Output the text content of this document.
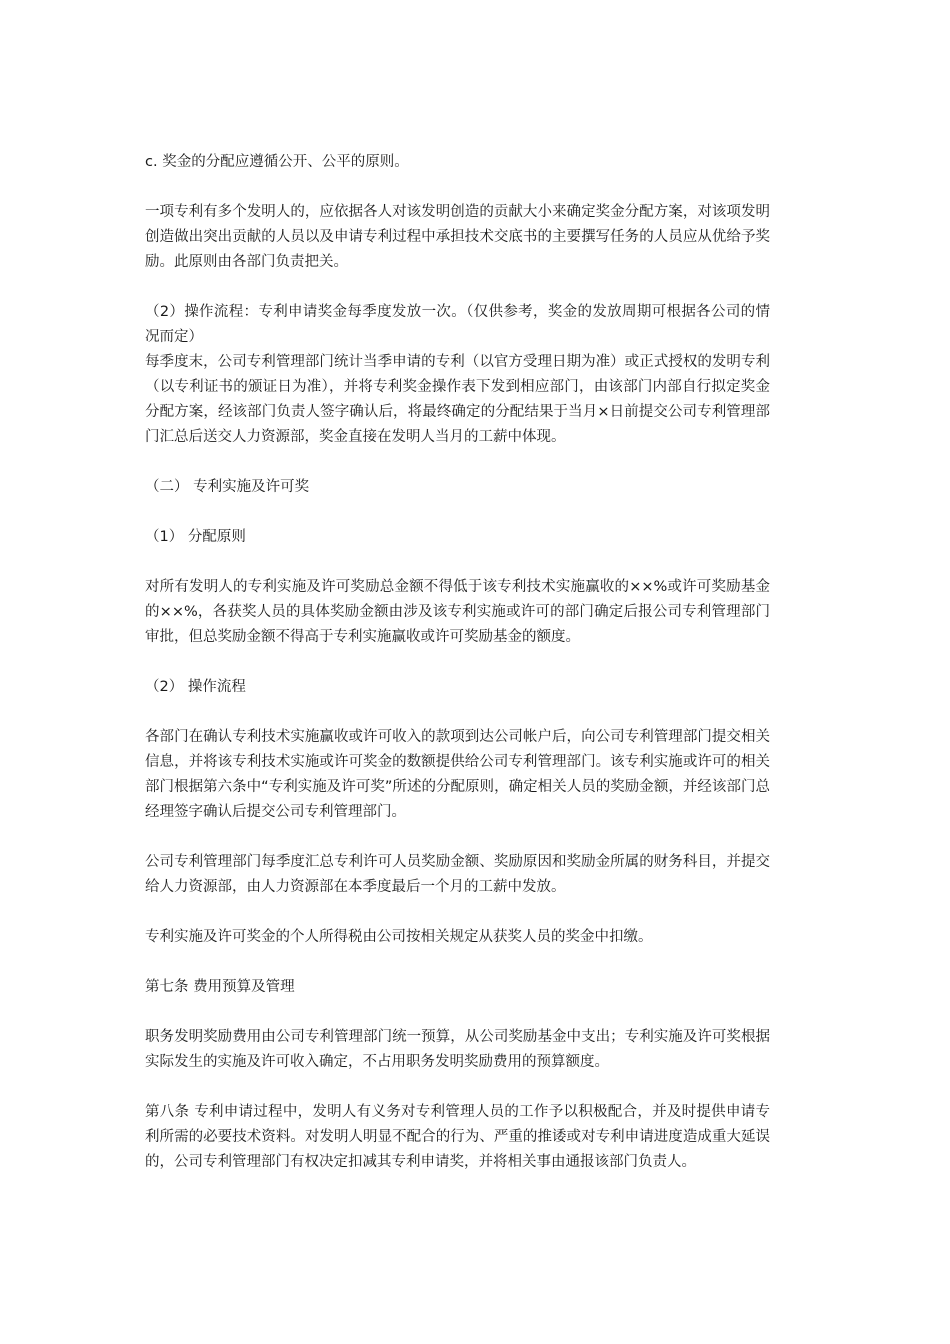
c. 奖金的分配应遵循公开、公平的原则。

一项专利有多个发明人的，应依据各人对该发明创造的贡献大小来确定奖金分配方案，对该项发明创造做出突出贡献的人员以及申请专利过程中承担技术交底书的主要撰写任务的人员应从优给予奖励。此原则由各部门负责把关。

（2）操作流程：专利申请奖金每季度发放一次。（仅供参考，奖金的发放周期可根据各公司的情况而定）

每季度末，公司专利管理部门统计当季申请的专利（以官方受理日期为准）或正式授权的发明专利（以专利证书的颁证日为准），并将专利奖金操作表下发到相应部门，由该部门内部自行拟定奖金分配方案，经该部门负责人签字确认后，将最终确定的分配结果于当月×日前提交公司专利管理部门汇总后送交人力资源部，奖金直接在发明人当月的工薪中体现。

（二） 专利实施及许可奖

（1） 分配原则

对所有发明人的专利实施及许可奖励总金额不得低于该专利技术实施赢收的××%或许可奖励基金的××%，各获奖人员的具体奖励金额由涉及该专利实施或许可的部门确定后报公司专利管理部门审批，但总奖励金额不得高于专利实施赢收或许可奖励基金的额度。

（2） 操作流程

各部门在确认专利技术实施赢收或许可收入的款项到达公司帐户后，向公司专利管理部门提交相关信息，并将该专利技术实施或许可奖金的数额提供给公司专利管理部门。该专利实施或许可的相关部门根据第六条中“专利实施及许可奖”所述的分配原则，确定相关人员的奖励金额，并经该部门总经理签字确认后提交公司专利管理部门。

公司专利管理部门每季度汇总专利许可人员奖励金额、奖励原因和奖励金所属的财务科目，并提交给人力资源部，由人力资源部在本季度最后一个月的工薪中发放。

专利实施及许可奖金的个人所得税由公司按相关规定从获奖人员的奖金中扣缴。

第七条 费用预算及管理

职务发明奖励费用由公司专利管理部门统一预算，从公司奖励基金中支出；专利实施及许可奖根据实际发生的实施及许可收入确定，不占用职务发明奖励费用的预算额度。

第八条 专利申请过程中，发明人有义务对专利管理人员的工作予以积极配合，并及时提供申请专利所需的必要技术资料。对发明人明显不配合的行为、严重的推诿或对专利申请进度造成重大延误的，公司专利管理部门有权决定扣减其专利申请奖，并将相关事由通报该部门负责人。
